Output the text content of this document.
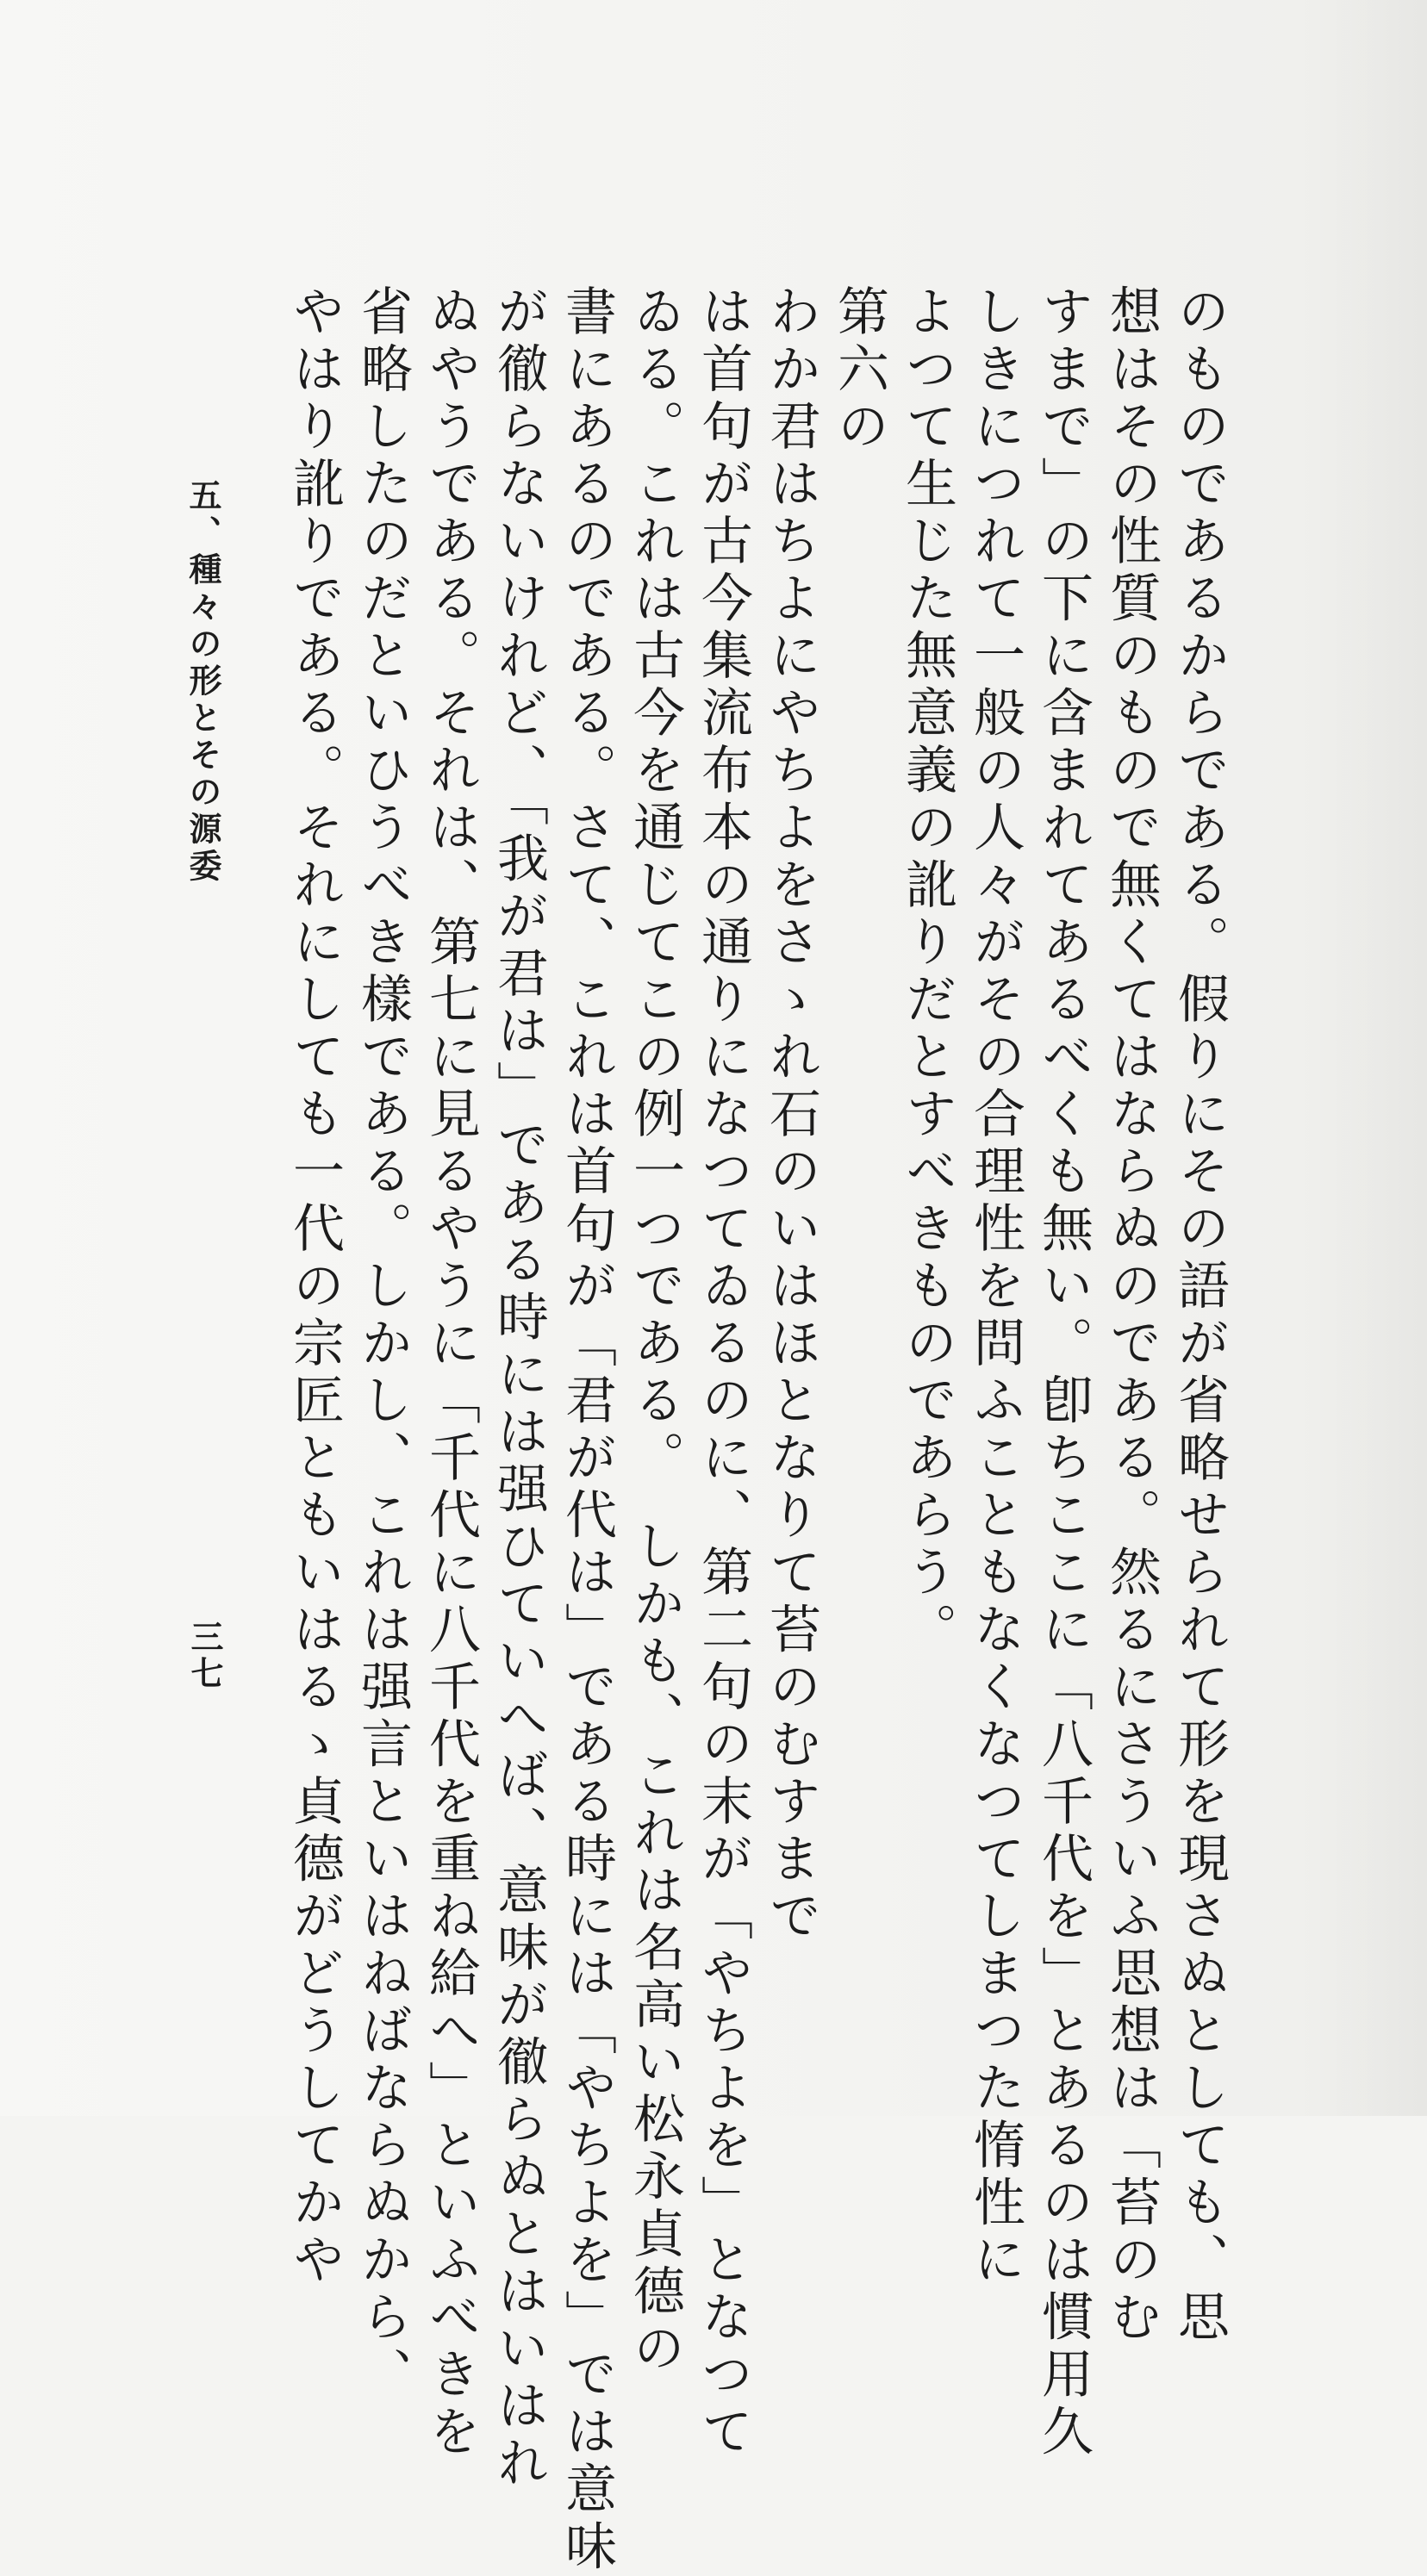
のものであるからである。假りにその語が省略せられて形を現さぬとしても、思
想はその性質のもので無くてはならぬのである。然るにさういふ思想は「苔のむ
すまで」の下に含まれてあるべくも無い。卽ちここに「八千代を」とあるのは慣用久
しきにつれて一般の人々がその合理性を問ふこともなくなつてしまつた惰性に
よつて生じた無意義の訛りだとすべきものであらう。
第六の
わか君はちよにやちよをさゝれ石のいはほとなりて苔のむすまで
は首句が古今集流布本の通りになつてゐるのに、第二句の末が「やちよを」となつて
ゐる。これは古今を通じてこの例一つである。　しかも、これは名高い松永貞德の
書にあるのである。さて、これは首句が「君が代は」である時には「やちよを」では意味
が徹らないけれど、「我が君は」である時には强ひていへば、意味が徹らぬとはいはれ
ぬやうである。それは、第七に見るやうに「千代に八千代を重ね給へ」といふべきを
省略したのだといひうべき樣である。しかし、これは强言といはねばならぬから、
やはり訛りである。それにしても一代の宗匠ともいはるゝ貞德がどうしてかや
五、種々の形とその源委
三七
